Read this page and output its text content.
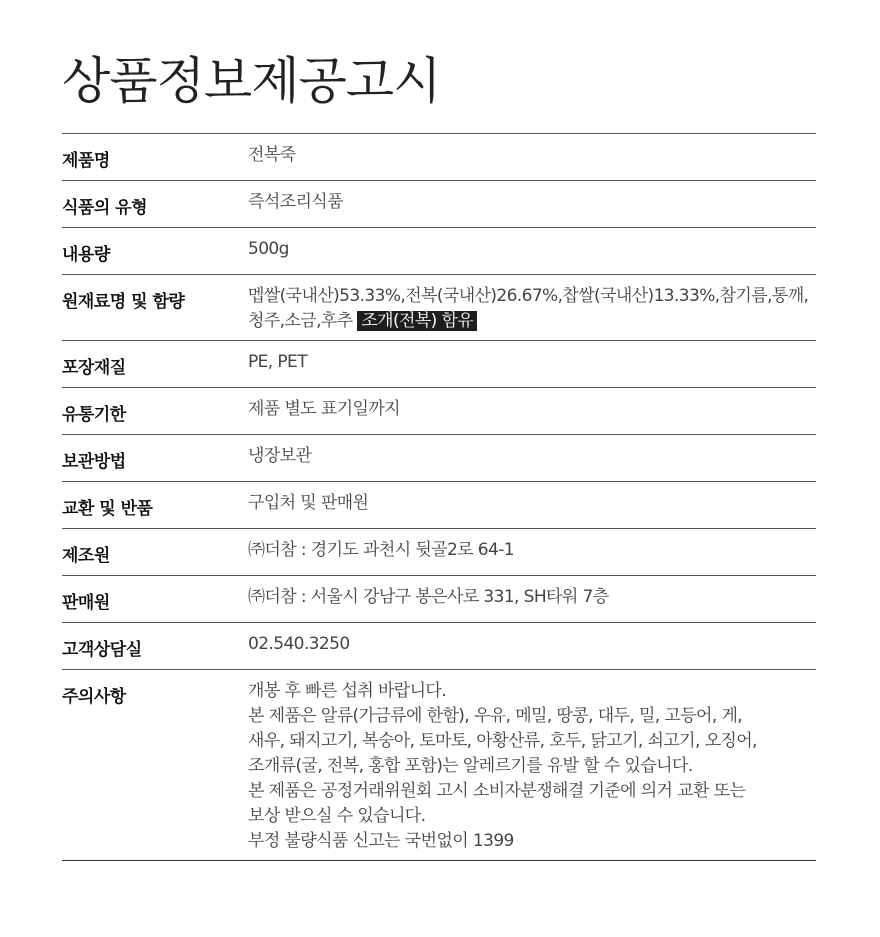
상품정보제공고시
제품명	전복죽
식품의 유형	즉석조리식품
내용량	500g
원재료명 및 함량	멥쌀(국내산)53.33%,전복(국내산)26.67%,찹쌀(국내산)13.33%,참기름,통깨,
청주,소금,후추 조개(전복) 함유
포장재질	PE, PET
유통기한	제품 별도 표기일까지
보관방법	냉장보관
교환 및 반품	구입처 및 판매원
제조원	㈜더참 : 경기도 과천시 뒷골2로 64-1
판매원	㈜더참 : 서울시 강남구 봉은사로 331, SH타워 7층
고객상담실	02.540.3250
주의사항	개봉 후 빠른 섭취 바랍니다.
본 제품은 알류(가금류에 한함), 우유, 메밀, 땅콩, 대두, 밀, 고등어, 게,
새우, 돼지고기, 복숭아, 토마토, 아황산류, 호두, 닭고기, 쇠고기, 오징어,
조개류(굴, 전복, 홍합 포함)는 알레르기를 유발 할 수 있습니다.
본 제품은 공정거래위원회 고시 소비자분쟁해결 기준에 의거 교환 또는
보상 받으실 수 있습니다.
부정 불량식품 신고는 국번없이 1399
